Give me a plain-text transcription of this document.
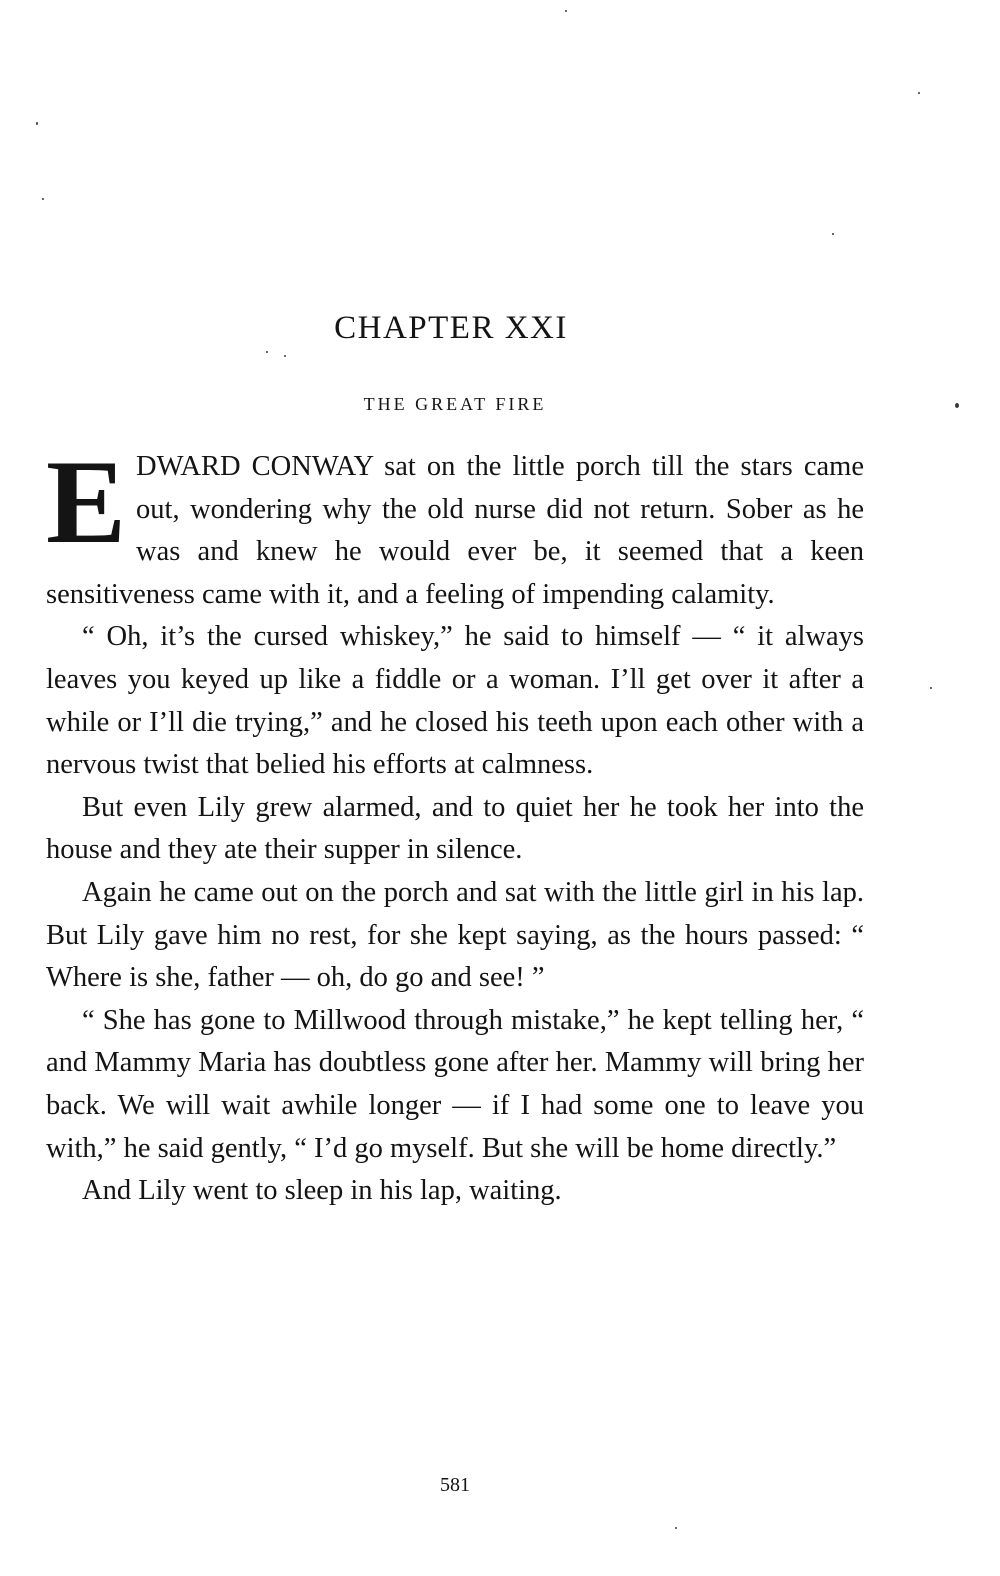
CHAPTER XXI
THE GREAT FIRE

EDWARD CONWAY sat on the little porch till the stars came out, wondering why the old nurse did not return. Sober as he was and knew he would ever be, it seemed that a keen sensitiveness came with it, and a feeling of impending calamity.

“ Oh, it’s the cursed whiskey,” he said to himself — “ it always leaves you keyed up like a fiddle or a woman. I’ll get over it after a while or I’ll die trying,” and he closed his teeth upon each other with a nervous twist that belied his efforts at calmness.

But even Lily grew alarmed, and to quiet her he took her into the house and they ate their supper in silence.

Again he came out on the porch and sat with the little girl in his lap. But Lily gave him no rest, for she kept saying, as the hours passed: “ Where is she, father — oh, do go and see! ”

“ She has gone to Millwood through mistake,” he kept telling her, “ and Mammy Maria has doubtless gone after her. Mammy will bring her back. We will wait awhile longer — if I had some one to leave you with,” he said gently, “ I’d go myself. But she will be home directly.”

And Lily went to sleep in his lap, waiting.

581
